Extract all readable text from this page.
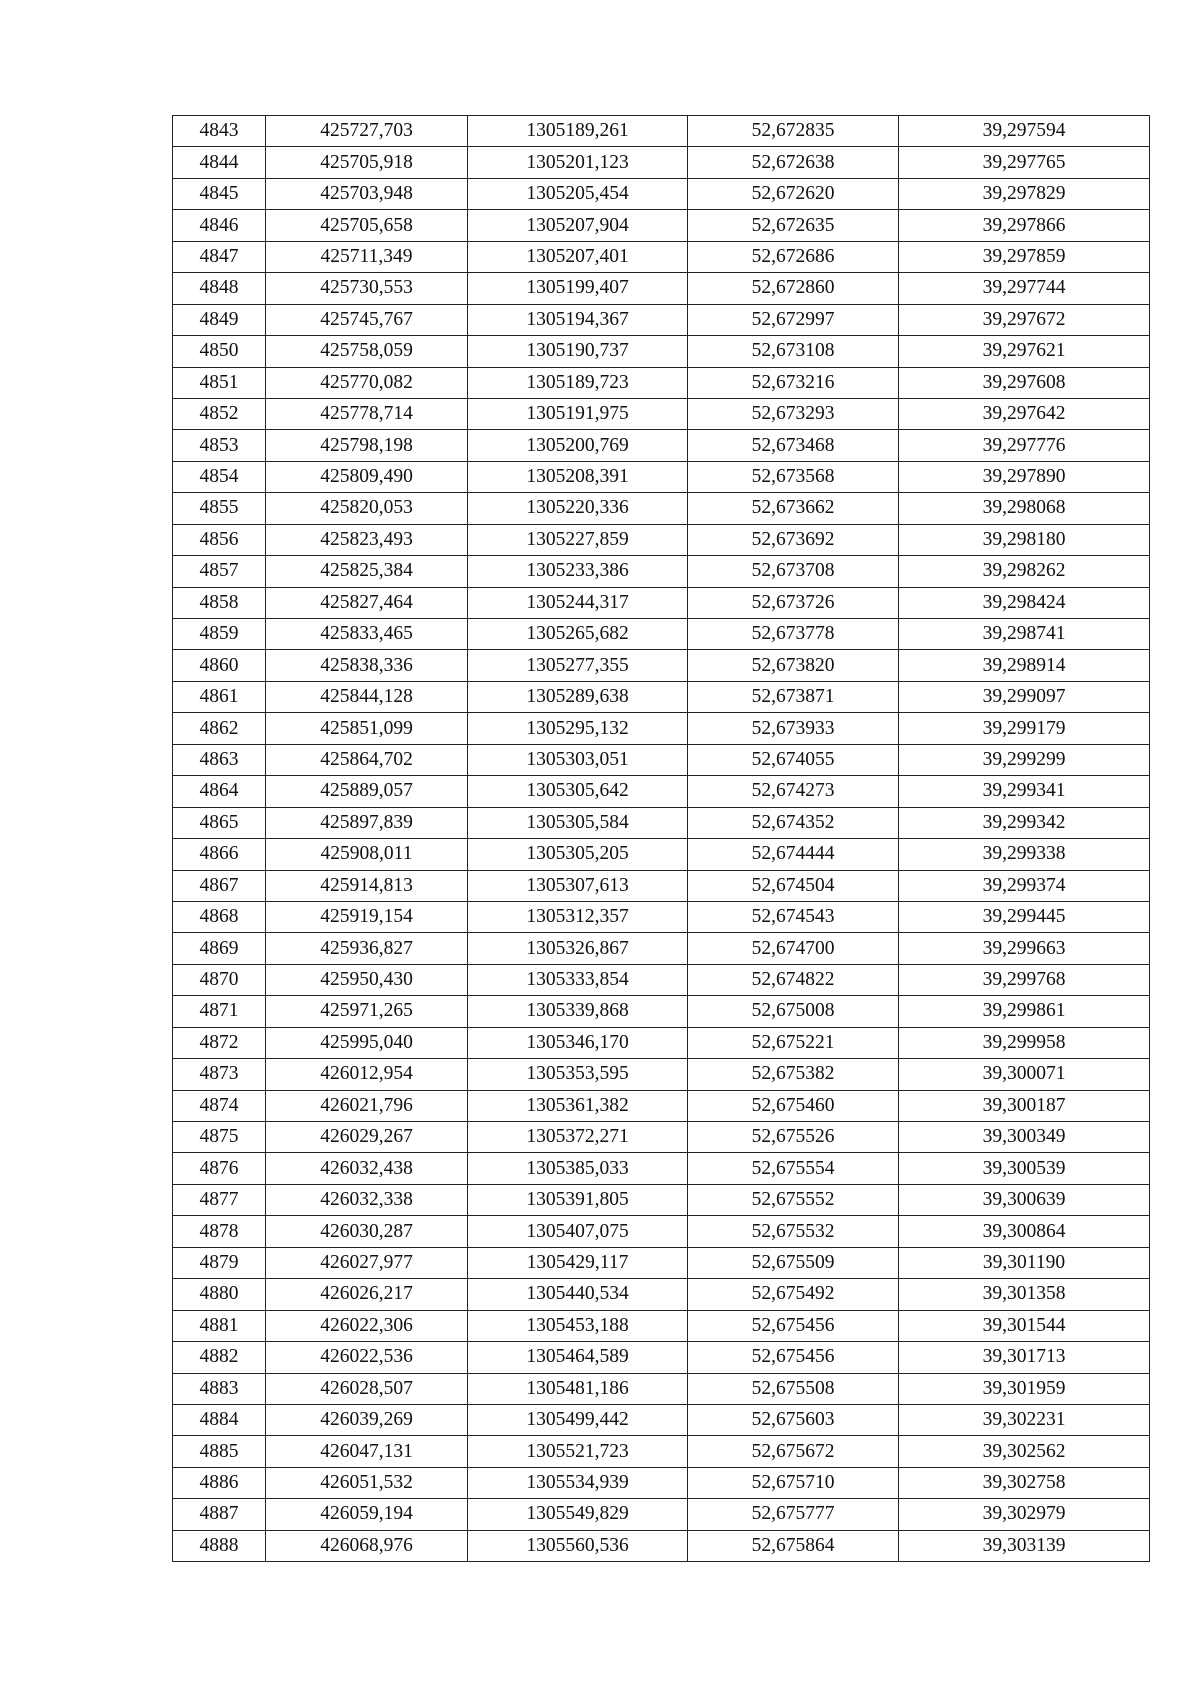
4843	425727,703	1305189,261	52,672835	39,297594
4844	425705,918	1305201,123	52,672638	39,297765
4845	425703,948	1305205,454	52,672620	39,297829
4846	425705,658	1305207,904	52,672635	39,297866
4847	425711,349	1305207,401	52,672686	39,297859
4848	425730,553	1305199,407	52,672860	39,297744
4849	425745,767	1305194,367	52,672997	39,297672
4850	425758,059	1305190,737	52,673108	39,297621
4851	425770,082	1305189,723	52,673216	39,297608
4852	425778,714	1305191,975	52,673293	39,297642
4853	425798,198	1305200,769	52,673468	39,297776
4854	425809,490	1305208,391	52,673568	39,297890
4855	425820,053	1305220,336	52,673662	39,298068
4856	425823,493	1305227,859	52,673692	39,298180
4857	425825,384	1305233,386	52,673708	39,298262
4858	425827,464	1305244,317	52,673726	39,298424
4859	425833,465	1305265,682	52,673778	39,298741
4860	425838,336	1305277,355	52,673820	39,298914
4861	425844,128	1305289,638	52,673871	39,299097
4862	425851,099	1305295,132	52,673933	39,299179
4863	425864,702	1305303,051	52,674055	39,299299
4864	425889,057	1305305,642	52,674273	39,299341
4865	425897,839	1305305,584	52,674352	39,299342
4866	425908,011	1305305,205	52,674444	39,299338
4867	425914,813	1305307,613	52,674504	39,299374
4868	425919,154	1305312,357	52,674543	39,299445
4869	425936,827	1305326,867	52,674700	39,299663
4870	425950,430	1305333,854	52,674822	39,299768
4871	425971,265	1305339,868	52,675008	39,299861
4872	425995,040	1305346,170	52,675221	39,299958
4873	426012,954	1305353,595	52,675382	39,300071
4874	426021,796	1305361,382	52,675460	39,300187
4875	426029,267	1305372,271	52,675526	39,300349
4876	426032,438	1305385,033	52,675554	39,300539
4877	426032,338	1305391,805	52,675552	39,300639
4878	426030,287	1305407,075	52,675532	39,300864
4879	426027,977	1305429,117	52,675509	39,301190
4880	426026,217	1305440,534	52,675492	39,301358
4881	426022,306	1305453,188	52,675456	39,301544
4882	426022,536	1305464,589	52,675456	39,301713
4883	426028,507	1305481,186	52,675508	39,301959
4884	426039,269	1305499,442	52,675603	39,302231
4885	426047,131	1305521,723	52,675672	39,302562
4886	426051,532	1305534,939	52,675710	39,302758
4887	426059,194	1305549,829	52,675777	39,302979
4888	426068,976	1305560,536	52,675864	39,303139
